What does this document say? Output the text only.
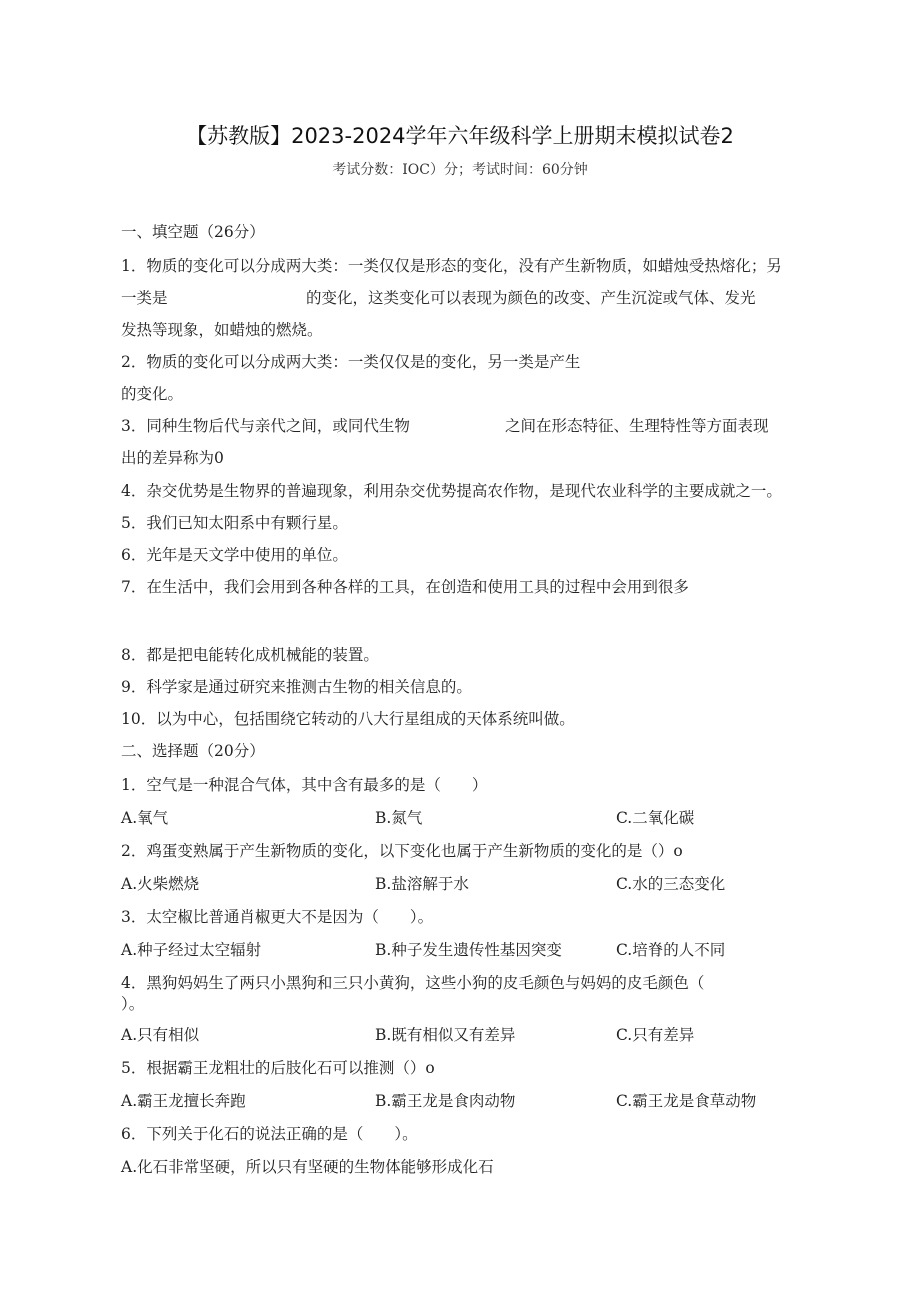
【苏教版】2023-2024学年六年级科学上册期末模拟试卷2
考试分数：IOC）分；考试时间：60分钟
一、填空题（26分）
1．物质的变化可以分成两大类：一类仅仅是形态的变化，没有产生新物质，如蜡烛受热熔化；另
一类是	的变化，这类变化可以表现为颜色的改变、产生沉淀或气体、发光
发热等现象，如蜡烛的燃烧。
2．物质的变化可以分成两大类：一类仅仅是的变化，另一类是产生
的变化。
3．同种生物后代与亲代之间，或同代生物	之间在形态特征、生理特性等方面表现
出的差异称为0
4．杂交优势是生物界的普遍现象，利用杂交优势提高农作物，是现代农业科学的主要成就之一。
5．我们已知太阳系中有颗行星。
6．光年是天文学中使用的单位。
7．在生活中，我们会用到各种各样的工具，在创造和使用工具的过程中会用到很多
8．都是把电能转化成机械能的装置。
9．科学家是通过研究来推测古生物的相关信息的。
10．以为中心，包括围绕它转动的八大行星组成的天体系统叫做。
二、选择题（20分）
1．空气是一种混合气体，其中含有最多的是（　　）
A.氧气	B.氮气	C.二氧化碳
2．鸡蛋变熟属于产生新物质的变化，以下变化也属于产生新物质的变化的是（）o
A.火柴燃烧	B.盐溶解于水	C.水的三态变化
3．太空椒比普通肖椒更大不是因为（　　）。
A.种子经过太空辐射	B.种子发生遗传性基因突变	C.培脊的人不同
4．黑狗妈妈生了两只小黑狗和三只小黄狗，这些小狗的皮毛颜色与妈妈的皮毛颜色（
）。
A.只有相似	B.既有相似又有差异	C.只有差异
5．根据霸王龙粗壮的后肢化石可以推测（）o
A.霸王龙擅长奔跑	B.霸王龙是食肉动物	C.霸王龙是食草动物
6．下列关于化石的说法正确的是（　　）。
A.化石非常坚硬，所以只有坚硬的生物体能够形成化石
